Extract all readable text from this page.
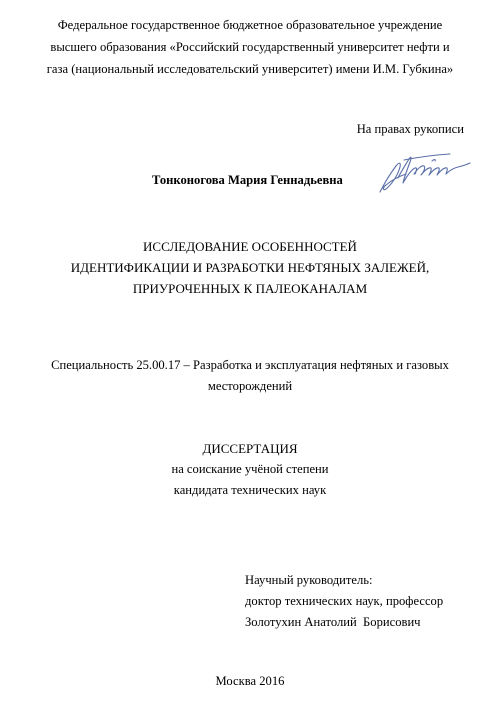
Федеральное государственное бюджетное образовательное учреждение
высшего образования «Российский государственный университет нефти и
газа (национальный исследовательский университет) имени И.М. Губкина»
На правах рукописи
Тонконогова Мария Геннадьевна
ИССЛЕДОВАНИЕ ОСОБЕННОСТЕЙ
ИДЕНТИФИКАЦИИ И РАЗРАБОТКИ НЕФТЯНЫХ ЗАЛЕЖЕЙ,
ПРИУРОЧЕННЫХ К ПАЛЕОКАНАЛАМ
Специальность 25.00.17 – Разработка и эксплуатация нефтяных и газовых
месторождений
ДИССЕРТАЦИЯ
на соискание учёной степени
кандидата технических наук
Научный руководитель:
доктор технических наук, профессор
Золотухин Анатолий  Борисович
Москва 2016
